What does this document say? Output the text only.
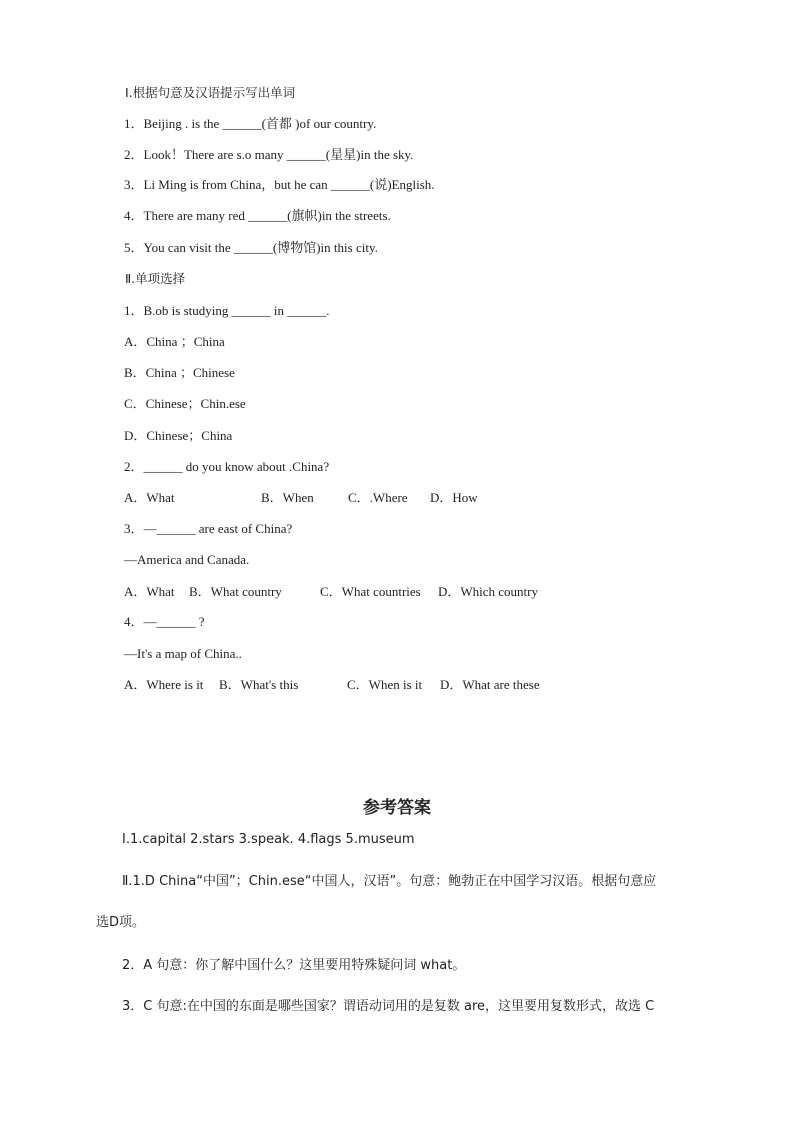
Ⅰ.根据句意及汉语提示写出单词
1．Beijing . is the ______(首都 )of our country.
2．Look！There are s.o many ______(星星)in the sky.
3．Li Ming is from China，but he can ______(说)English.
4．There are many red ______(旗帜)in the streets.
5．You can visit the ______(博物馆)in this city.
Ⅱ.单项选择
1．B.ob is studying ______ in ______.
A．China ；China
B．China ；Chinese
C．Chinese；Chin.ese
D．Chinese；China
2．______ do you know about .China?
A．What	B．When	C．.Where D．How
3．—______ are east of China?
—America and Canada.
A．What B．What country	C．What countries D．Which country
4．—______ ?
—It's a map of China..
A．Where is it B．What's this	C．When is it D．What are these
参考答案
Ⅰ.1.capital 2.stars 3.speak. 4.flags 5.museum
Ⅱ.1.D China“中国”；Chin.ese“中国人，汉语”。句意：鲍勃正在中国学习汉语。根据句意应
选D项。
2．A 句意：你了解中国什么？这里要用特殊疑问词 what。
3．C 句意:在中国的东面是哪些国家？谓语动词用的是复数 are，这里要用复数形式，故选 C
